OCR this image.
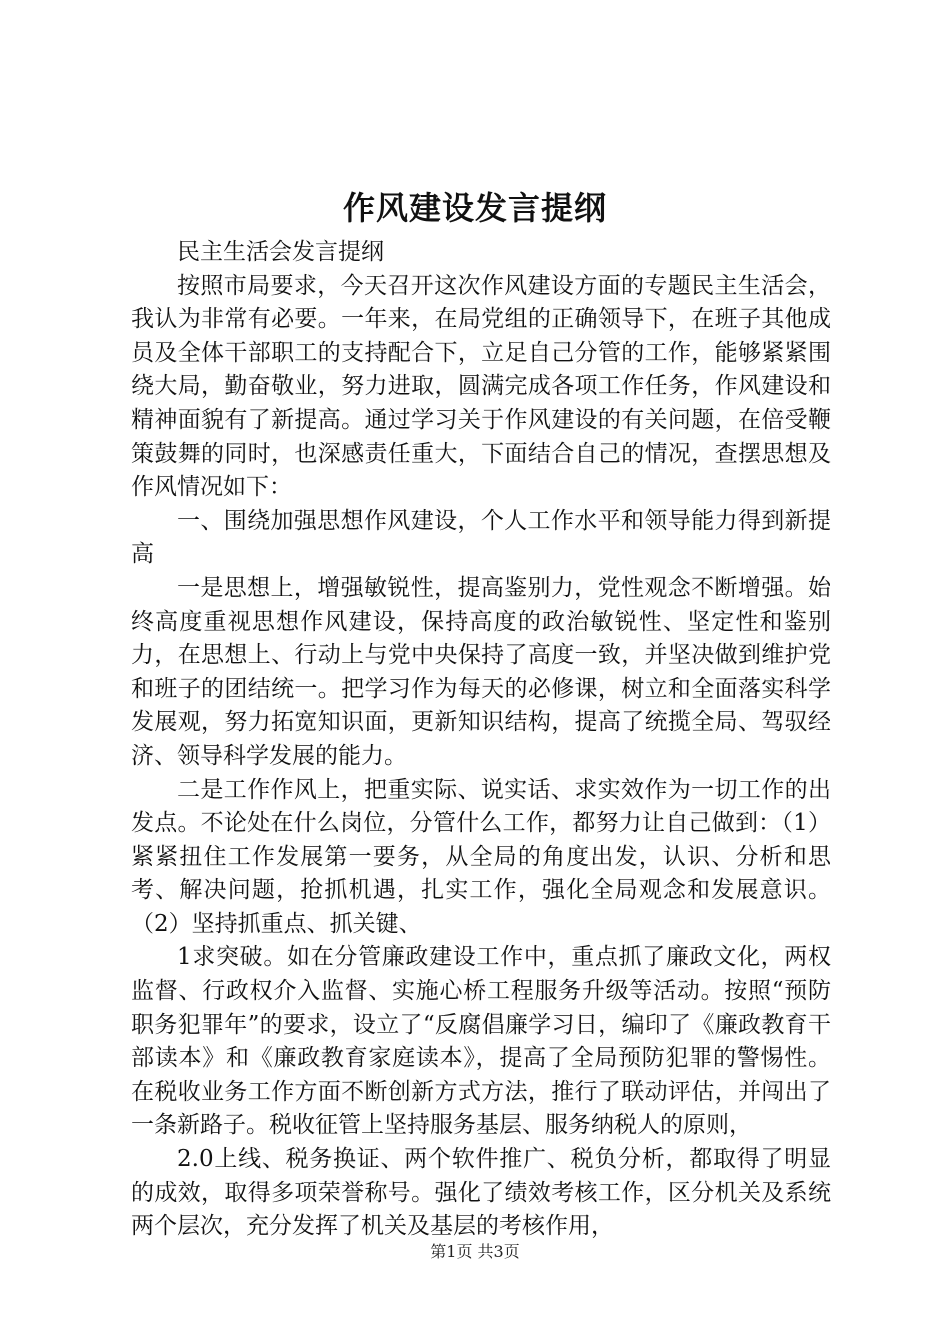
作风建设发言提纲

民主生活会发言提纲

按照市局要求，今天召开这次作风建设方面的专题民主生活会，我认为非常有必要。一年来，在局党组的正确领导下，在班子其他成员及全体干部职工的支持配合下，立足自己分管的工作，能够紧紧围绕大局，勤奋敬业，努力进取，圆满完成各项工作任务，作风建设和精神面貌有了新提高。通过学习关于作风建设的有关问题，在倍受鞭策鼓舞的同时，也深感责任重大，下面结合自己的情况，查摆思想及作风情况如下：

一、围绕加强思想作风建设，个人工作水平和领导能力得到新提高

一是思想上，增强敏锐性，提高鉴别力，党性观念不断增强。始终高度重视思想作风建设，保持高度的政治敏锐性、坚定性和鉴别力，在思想上、行动上与党中央保持了高度一致，并坚决做到维护党和班子的团结统一。把学习作为每天的必修课，树立和全面落实科学发展观，努力拓宽知识面，更新知识结构，提高了统揽全局、驾驭经济、领导科学发展的能力。

二是工作作风上，把重实际、说实话、求实效作为一切工作的出发点。不论处在什么岗位，分管什么工作，都努力让自己做到：（1）紧紧扭住工作发展第一要务，从全局的角度出发，认识、分析和思考、解决问题，抢抓机遇，扎实工作，强化全局观念和发展意识。（2）坚持抓重点、抓关键、

1求突破。如在分管廉政建设工作中，重点抓了廉政文化，两权监督、行政权介入监督、实施心桥工程服务升级等活动。按照“预防职务犯罪年”的要求，设立了“反腐倡廉学习日，编印了《廉政教育干部读本》和《廉政教育家庭读本》，提高了全局预防犯罪的警惕性。在税收业务工作方面不断创新方式方法，推行了联动评估，并闯出了一条新路子。税收征管上坚持服务基层、服务纳税人的原则，

2.0上线、税务换证、两个软件推广、税负分析，都取得了明显的成效，取得多项荣誉称号。强化了绩效考核工作，区分机关及系统两个层次，充分发挥了机关及基层的考核作用，

第1页 共3页
